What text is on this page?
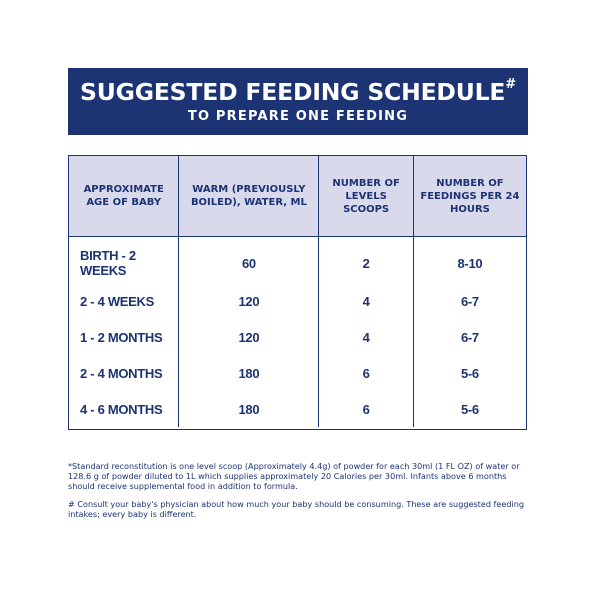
SUGGESTED FEEDING SCHEDULE#
TO PREPARE ONE FEEDING
APPROXIMATE AGE OF BABY	WARM (PREVIOUSLY BOILED), WATER, ML	NUMBER OF LEVELS SCOOPS	NUMBER OF FEEDINGS PER 24 HOURS
BIRTH - 2 WEEKS	60	2	8-10
2 - 4 WEEKS	120	4	6-7
1 - 2 MONTHS	120	4	6-7
2 - 4 MONTHS	180	6	5-6
4 - 6 MONTHS	180	6	5-6

*Standard reconstitution is one level scoop (Approximately 4.4g) of powder for each 30ml (1 FL OZ) of water or 128.6 g of powder diluted to 1L which supplies approximately 20 Calories per 30ml. Infants above 6 months should receive supplemental food in addition to formula.

# Consult your baby's physician about how much your baby should be consuming. These are suggested feeding intakes; every baby is different.
